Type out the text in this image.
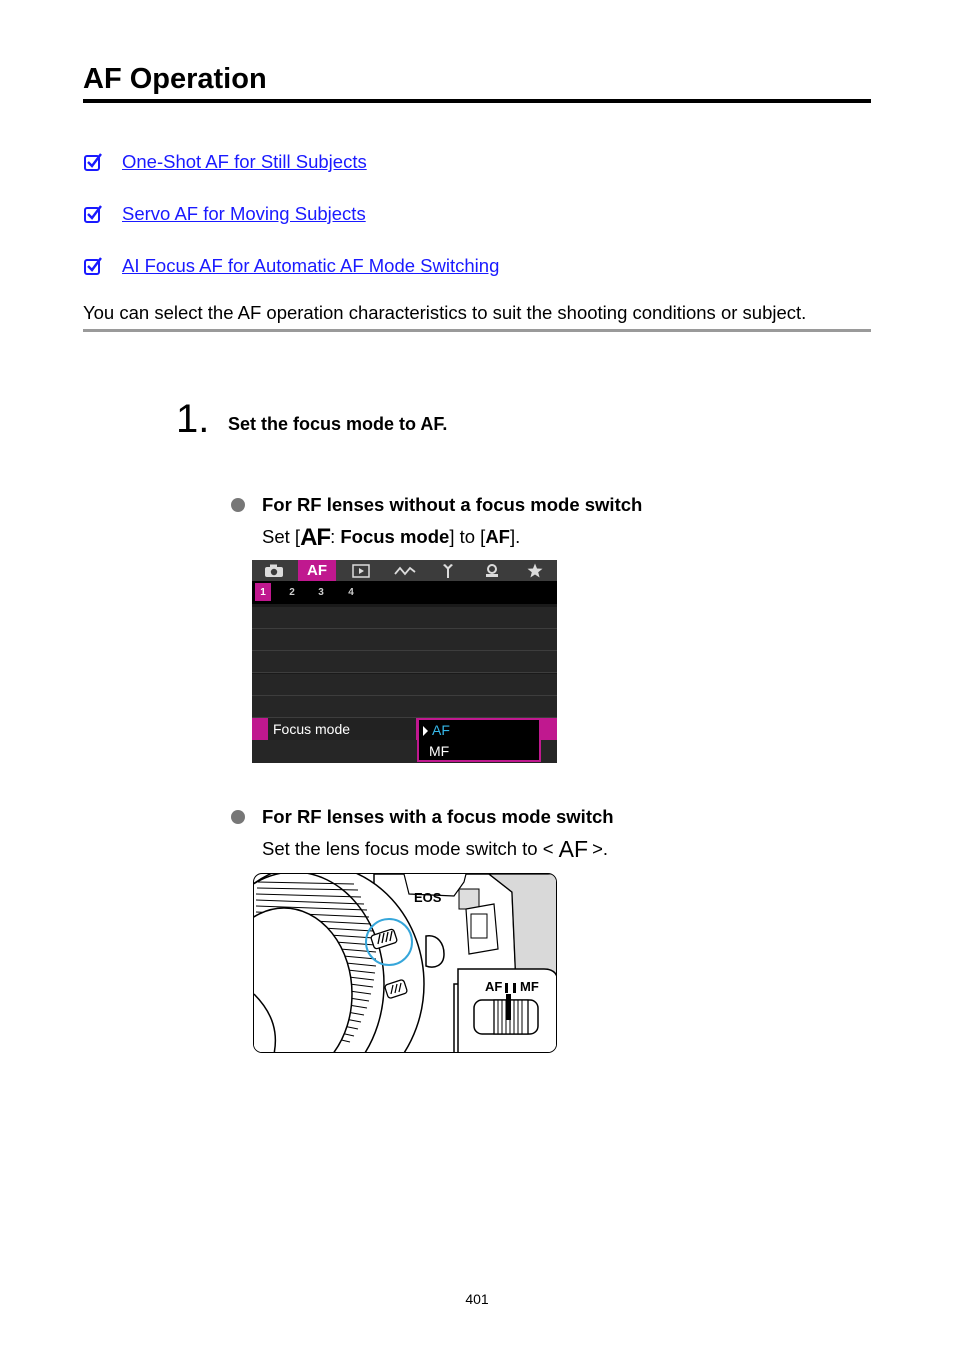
AF Operation
One-Shot AF for Still Subjects
Servo AF for Moving Subjects
AI Focus AF for Automatic AF Mode Switching
You can select the AF operation characteristics to suit the shooting conditions or subject.
1. Set the focus mode to AF.
For RF lenses without a focus mode switch
Set [AF: Focus mode] to [AF].
AF
1	2	3	4
Focus mode	AF
MF
For RF lenses with a focus mode switch
Set the lens focus mode switch to < AF >.
EOS
AF MF
401
